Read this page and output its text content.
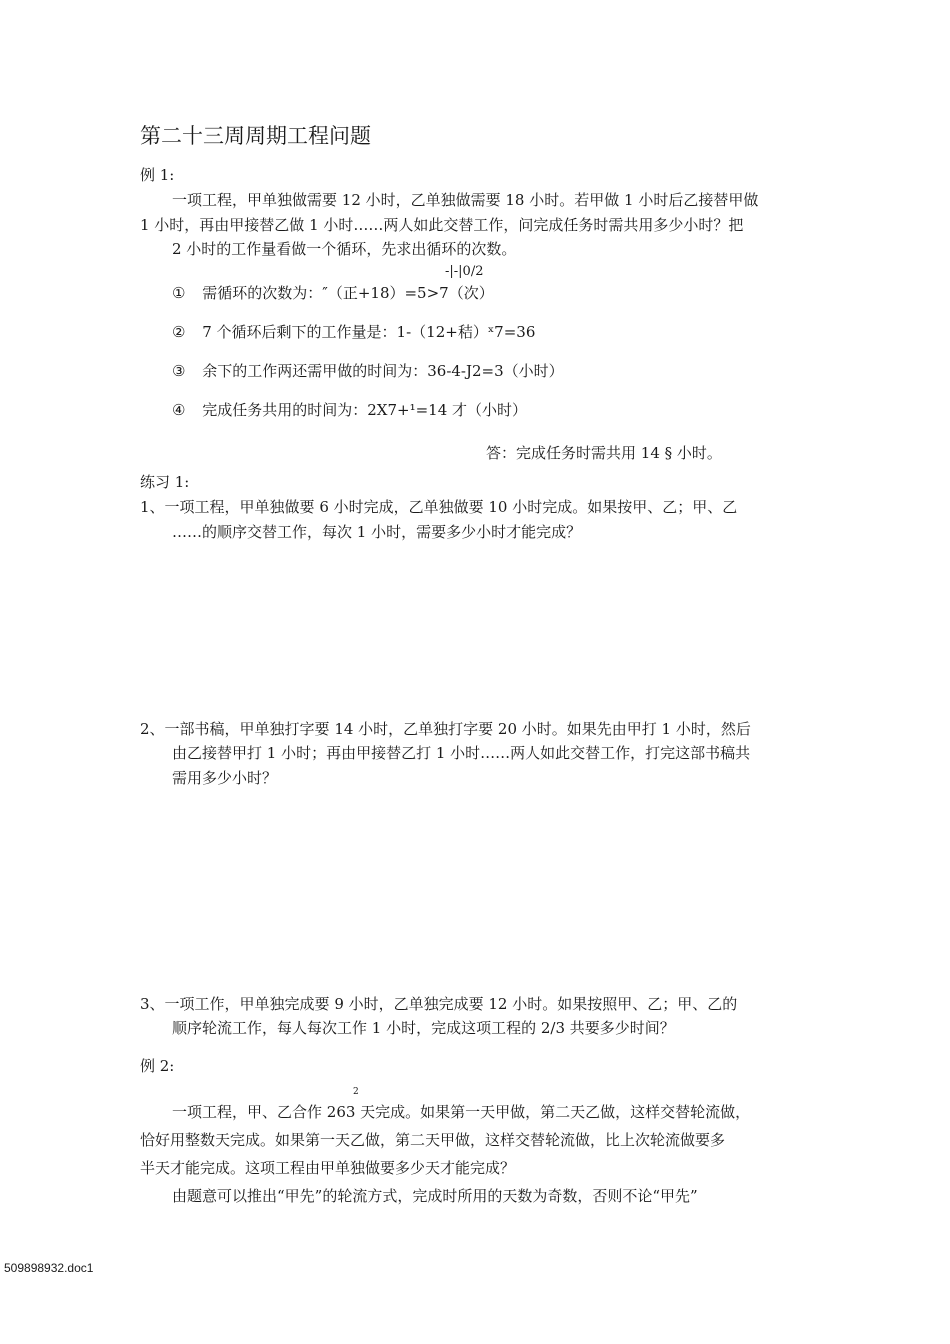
第二十三周周期工程问题
例 1:
一项工程，甲单独做需要 12 小时，乙单独做需要 18 小时。若甲做 1 小时后乙接替甲做
1 小时，再由甲接替乙做 1 小时……两人如此交替工作，问完成任务时需共用多少小时？把
2 小时的工作量看做一个循环，先求出循环的次数。
-|-|0/2
① 需循环的次数为：″（正+18）=5>7（次）
② 7 个循环后剩下的工作量是：1-（12+秸）ˣ7=36
③ 余下的工作两还需甲做的时间为：36-4-J2=3（小时）
④ 完成任务共用的时间为：2X7+¹=14 才（小时）
答：完成任务时需共用 14 § 小时。
练习 1:
1、一项工程，甲单独做要 6 小时完成，乙单独做要 10 小时完成。如果按甲、乙；甲、乙
……的顺序交替工作，每次 1 小时，需要多少小时才能完成？
2、一部书稿，甲单独打字要 14 小时，乙单独打字要 20 小时。如果先由甲打 1 小时，然后
由乙接替甲打 1 小时；再由甲接替乙打 1 小时……两人如此交替工作，打完这部书稿共
需用多少小时？
3、一项工作，甲单独完成要 9 小时，乙单独完成要 12 小时。如果按照甲、乙；甲、乙的
顺序轮流工作，每人每次工作 1 小时，完成这项工程的 2/3 共要多少时间？
例 2:
2
一项工程，甲、乙合作 263 天完成。如果第一天甲做，第二天乙做，这样交替轮流做，
恰好用整数天完成。如果第一天乙做，第二天甲做，这样交替轮流做，比上次轮流做要多
半天才能完成。这项工程由甲单独做要多少天才能完成？
由题意可以推出“甲先”的轮流方式，完成时所用的天数为奇数，否则不论“甲先”
509898932.doc1
